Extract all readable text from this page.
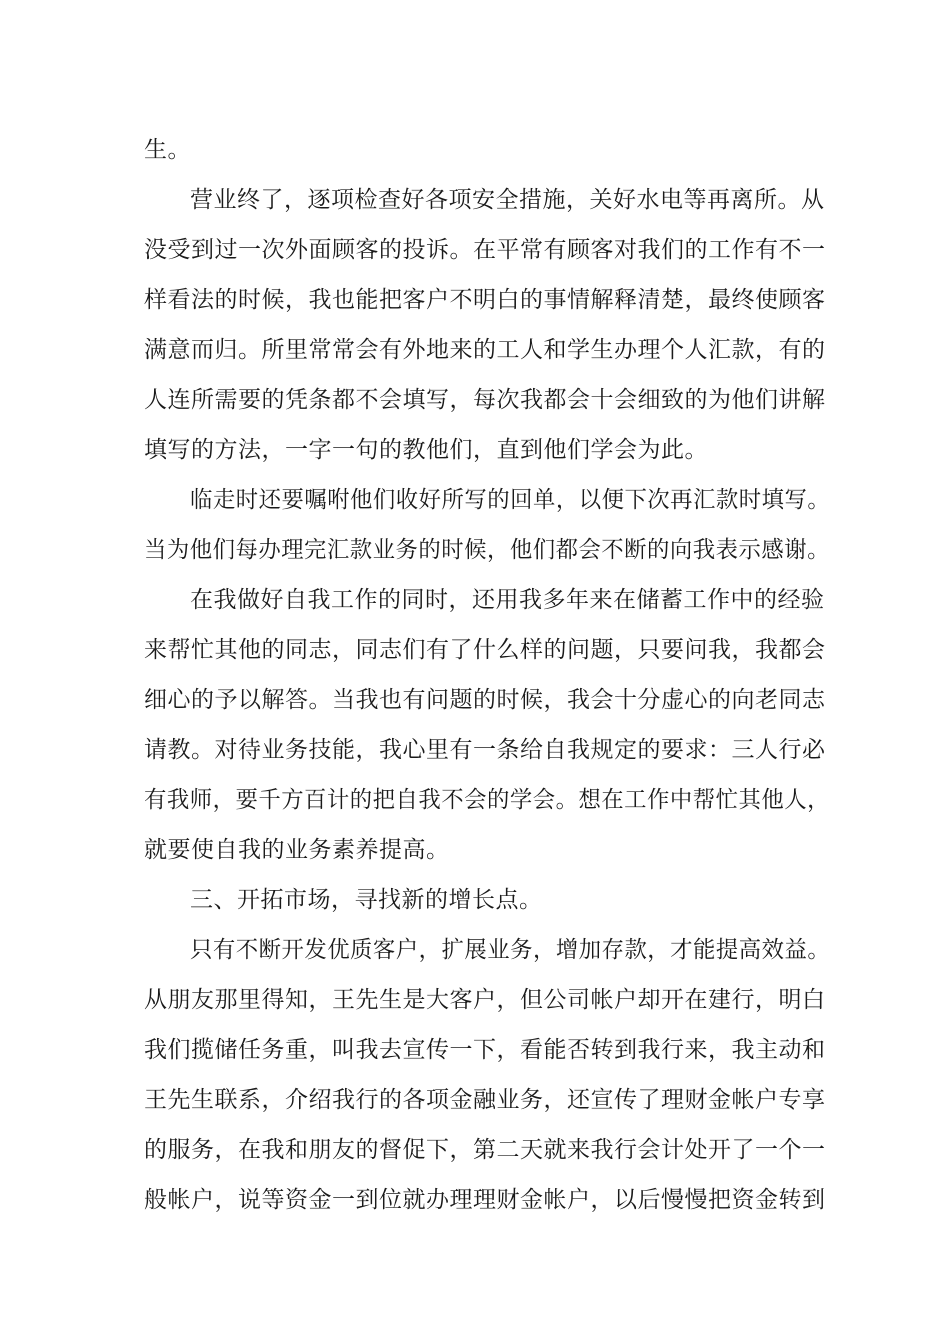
生。

营业终了，逐项检查好各项安全措施，关好水电等再离所。从

没受到过一次外面顾客的投诉。在平常有顾客对我们的工作有不一

样看法的时候，我也能把客户不明白的事情解释清楚，最终使顾客

满意而归。所里常常会有外地来的工人和学生办理个人汇款，有的

人连所需要的凭条都不会填写，每次我都会十会细致的为他们讲解

填写的方法，一字一句的教他们，直到他们学会为此。

临走时还要嘱咐他们收好所写的回单，以便下次再汇款时填写。

当为他们每办理完汇款业务的时候，他们都会不断的向我表示感谢。

在我做好自我工作的同时，还用我多年来在储蓄工作中的经验

来帮忙其他的同志，同志们有了什么样的问题，只要问我，我都会

细心的予以解答。当我也有问题的时候，我会十分虚心的向老同志

请教。对待业务技能，我心里有一条给自我规定的要求：三人行必

有我师，要千方百计的把自我不会的学会。想在工作中帮忙其他人，

就要使自我的业务素养提高。

三、开拓市场，寻找新的增长点。

只有不断开发优质客户，扩展业务，增加存款，才能提高效益。

从朋友那里得知，王先生是大客户，但公司帐户却开在建行，明白

我们揽储任务重，叫我去宣传一下，看能否转到我行来，我主动和

王先生联系，介绍我行的各项金融业务，还宣传了理财金帐户专享

的服务，在我和朋友的督促下，第二天就来我行会计处开了一个一

般帐户，说等资金一到位就办理理财金帐户，以后慢慢把资金转到
